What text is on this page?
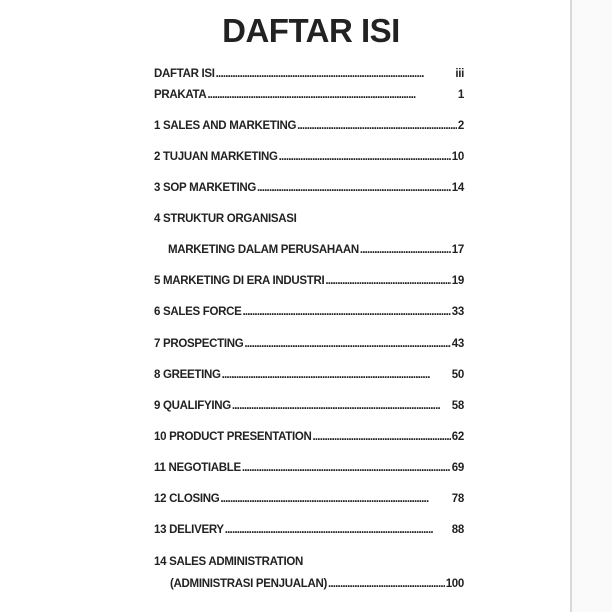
DAFTAR ISI
DAFTAR ISI . . .	iii
PRAKATA . . .	1
1 SALES AND MARKETING . . .	2
2 TUJUAN MARKETING . . .	10
3 SOP MARKETING . . .	14
4 STRUKTUR ORGANISASI
MARKETING DALAM PERUSAHAAN . . .	17
5 MARKETING DI ERA INDUSTRI . . .	19
6 SALES FORCE . . .	33
7 PROSPECTING . . .	43
8 GREETING . . .	50
9 QUALIFYING . . .	58
10 PRODUCT PRESENTATION . . .	62
11 NEGOTIABLE . . .	69
12 CLOSING . . .	78
13 DELIVERY . . .	88
14 SALES ADMINISTRATION
(ADMINISTRASI PENJUALAN) . . .	100
